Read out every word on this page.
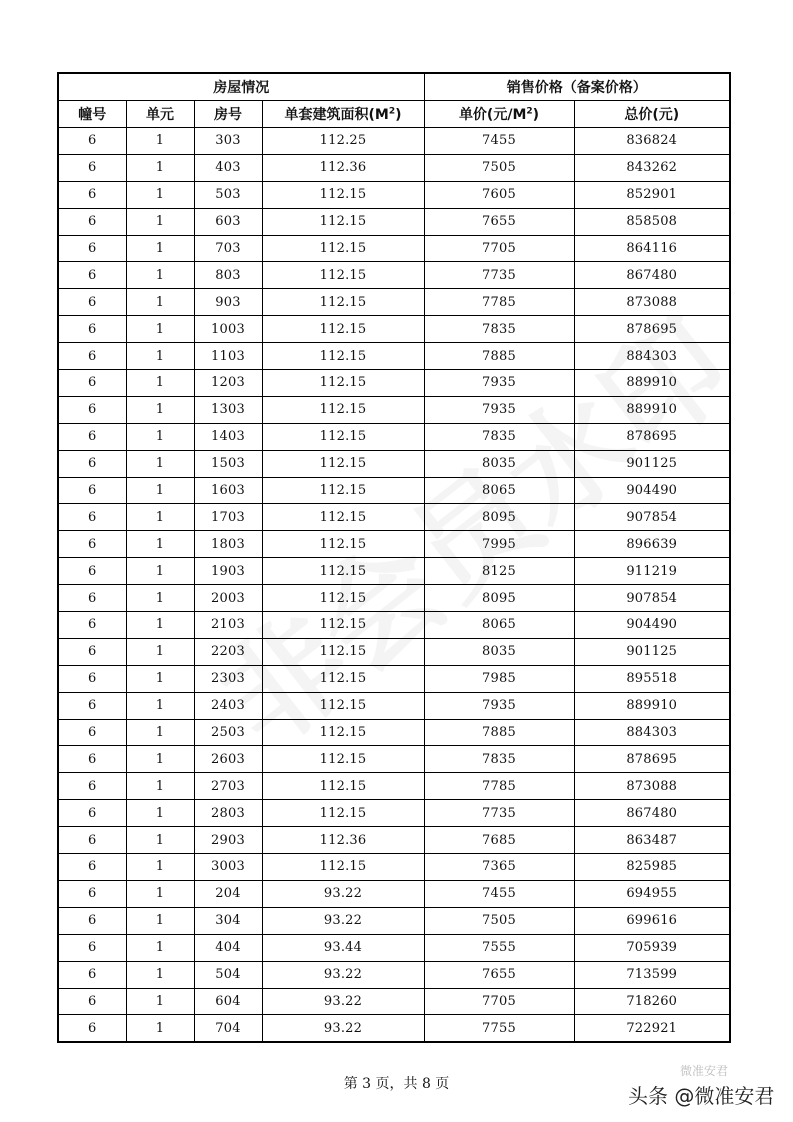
房屋情况				销售价格（备案价格）	
幢号	单元	房号	单套建筑面积$(M^2)$	单价(元$/M^2$)	总价(元)
6	1	303	112.25	7455	836824
6	1	403	112.36	7505	843262
6	1	503	112.15	7605	852901
6	1	603	112.15	7655	858508
6	1	703	112.15	7705	864116
6	1	803	112.15	7735	867480
6	1	903	112.15	7785	873088
6	1	1003	112.15	7835	878695
6	1	1103	112.15	7885	884303
6	1	1203	112.15	7935	889910
6	1	1303	112.15	7935	889910
6	1	1403	112.15	7835	878695
6	1	1503	112.15	8035	901125
6	1	1603	112.15	8065	904490
6	1	1703	112.15	8095	907854
6	1	1803	112.15	7995	896639
6	1	1903	112.15	8125	911219
6	1	2003	112.15	8095	907854
6	1	2103	112.15	8065	904490
6	1	2203	112.15	8035	901125
6	1	2303	112.15	7985	895518
6	1	2403	112.15	7935	889910
6	1	2503	112.15	7885	884303
6	1	2603	112.15	7835	878695
6	1	2703	112.15	7785	873088
6	1	2803	112.15	7735	867480
6	1	2903	112.36	7685	863487
6	1	3003	112.15	7365	825985
6	1	204	93.22	7455	694955
6	1	304	93.22	7505	699616
6	1	404	93.44	7555	705939
6	1	504	93.22	7655	713599
6	1	604	93.22	7705	718260
6	1	704	93.22	7755	722921
第 3 页，共 8 页
微准安君
头条 @微准安君
